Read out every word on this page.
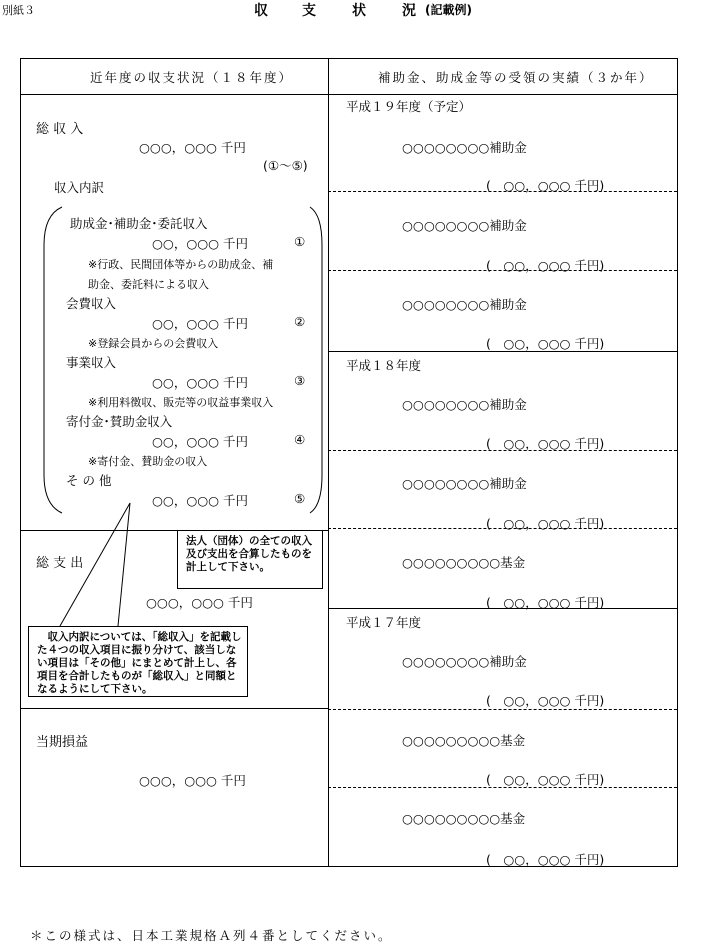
別紙３	収 支	状	況 (記載例)
近年度の収支状況（１８年度）	補助金、助成金等の受領の実績（３か年）
総 収 入
○○○，○○○ 千円
(①～⑤)
収入内訳
助成金･補助金･委託収入
○○，○○○ 千円	①
※行政、民間団体等からの助成金、補
助金、委託料による収入
会費収入
○○，○○○ 千円	②
※登録会員からの会費収入
事業収入
○○，○○○ 千円	③
※利用料徴収、販売等の収益事業収入
寄付金･賛助金収入
○○，○○○ 千円	④
※寄付金、賛助金の収入
そ の 他
○○，○○○ 千円	⑤
総 支 出
○○○，○○○ 千円
法人（団体）の全ての収入及び支出を合算したものを計上して下さい。
収入内訳については、「総収入」を記載した４つの収入項目に振り分けて、該当しない項目は「その他」にまとめて計上し、各項目を合計したものが「総収入」と同額となるようにして下さい。
当期損益
○○○，○○○ 千円
平成１９年度（予定）
○○○○○○○○補助金
(　○○，○○○ 千円)
○○○○○○○○補助金
(　○○，○○○ 千円)
○○○○○○○○補助金
(　○○，○○○ 千円)
平成１８年度
○○○○○○○○補助金
(　○○，○○○ 千円)
○○○○○○○○補助金
(　○○，○○○ 千円)
○○○○○○○○○基金
(　○○，○○○ 千円)
平成１７年度
○○○○○○○○補助金
(　○○，○○○ 千円)
○○○○○○○○○基金
(　○○，○○○ 千円)
○○○○○○○○○基金
(　○○，○○○ 千円)
＊この様式は、日本工業規格Ａ列４番としてください。
